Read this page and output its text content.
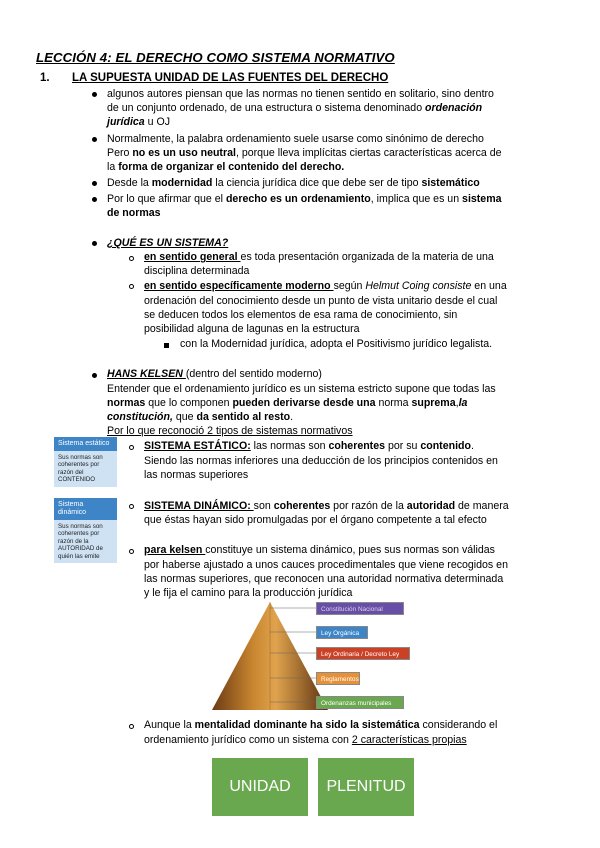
LECCIÓN 4: EL DERECHO COMO SISTEMA NORMATIVO
1. LA SUPUESTA UNIDAD DE LAS FUENTES DEL DERECHO
algunos autores piensan que las normas no tienen sentido en solitario, sino dentro
de un conjunto ordenado, de una estructura o sistema denominado ordenación
jurídica u OJ
Normalmente, la palabra ordenamiento suele usarse como sinónimo de derecho
Pero no es un uso neutral, porque lleva implícitas ciertas características acerca de
la forma de organizar el contenido del derecho.
Desde la modernidad la ciencia jurídica dice que debe ser de tipo sistemático
Por lo que afirmar que el derecho es un ordenamiento, implica que es un sistema
de normas
¿QUÉ ES UN SISTEMA?
en sentido general es toda presentación organizada de la materia de una
disciplina determinada
en sentido específicamente moderno según Helmut Coing consiste en una
ordenación del conocimiento desde un punto de vista unitario desde el cual
se deducen todos los elementos de esa rama de conocimiento, sin
posibilidad alguna de lagunas en la estructura
con la Modernidad jurídica, adopta el Positivismo jurídico legalista.
HANS KELSEN (dentro del sentido moderno)
Entender que el ordenamiento jurídico es un sistema estricto supone que todas las
normas que lo componen pueden derivarse desde una norma suprema,la
constitución, que da sentido al resto.
Por lo que reconoció 2 tipos de sistemas normativos
Sistema estático
Sus normas son
coherentes por
razón del
CONTENIDO
Sistema dinámico
Sus normas son
coherentes por
razón de la
AUTORIDAD de
quién las emite
SISTEMA ESTÁTICO: las normas son coherentes por su contenido.
Siendo las normas inferiores una deducción de los principios contenidos en
las normas superiores
SISTEMA DINÁMICO: son coherentes por razón de la autoridad de manera
que éstas hayan sido promulgadas por el órgano competente a tal efecto
para kelsen constituye un sistema dinámico, pues sus normas son válidas
por haberse ajustado a unos cauces procedimentales que viene recogidos en
las normas superiores, que reconocen una autoridad normativa determinada
y le fija el camino para la producción jurídica
Constitución Nacional
Ley Orgánica
Ley Ordinaria / Decreto Ley
Reglamentos
Ordenanzas municipales
Aunque la mentalidad dominante ha sido la sistemática considerando el
ordenamiento jurídico como un sistema con 2 características propias
UNIDAD	PLENITUD
